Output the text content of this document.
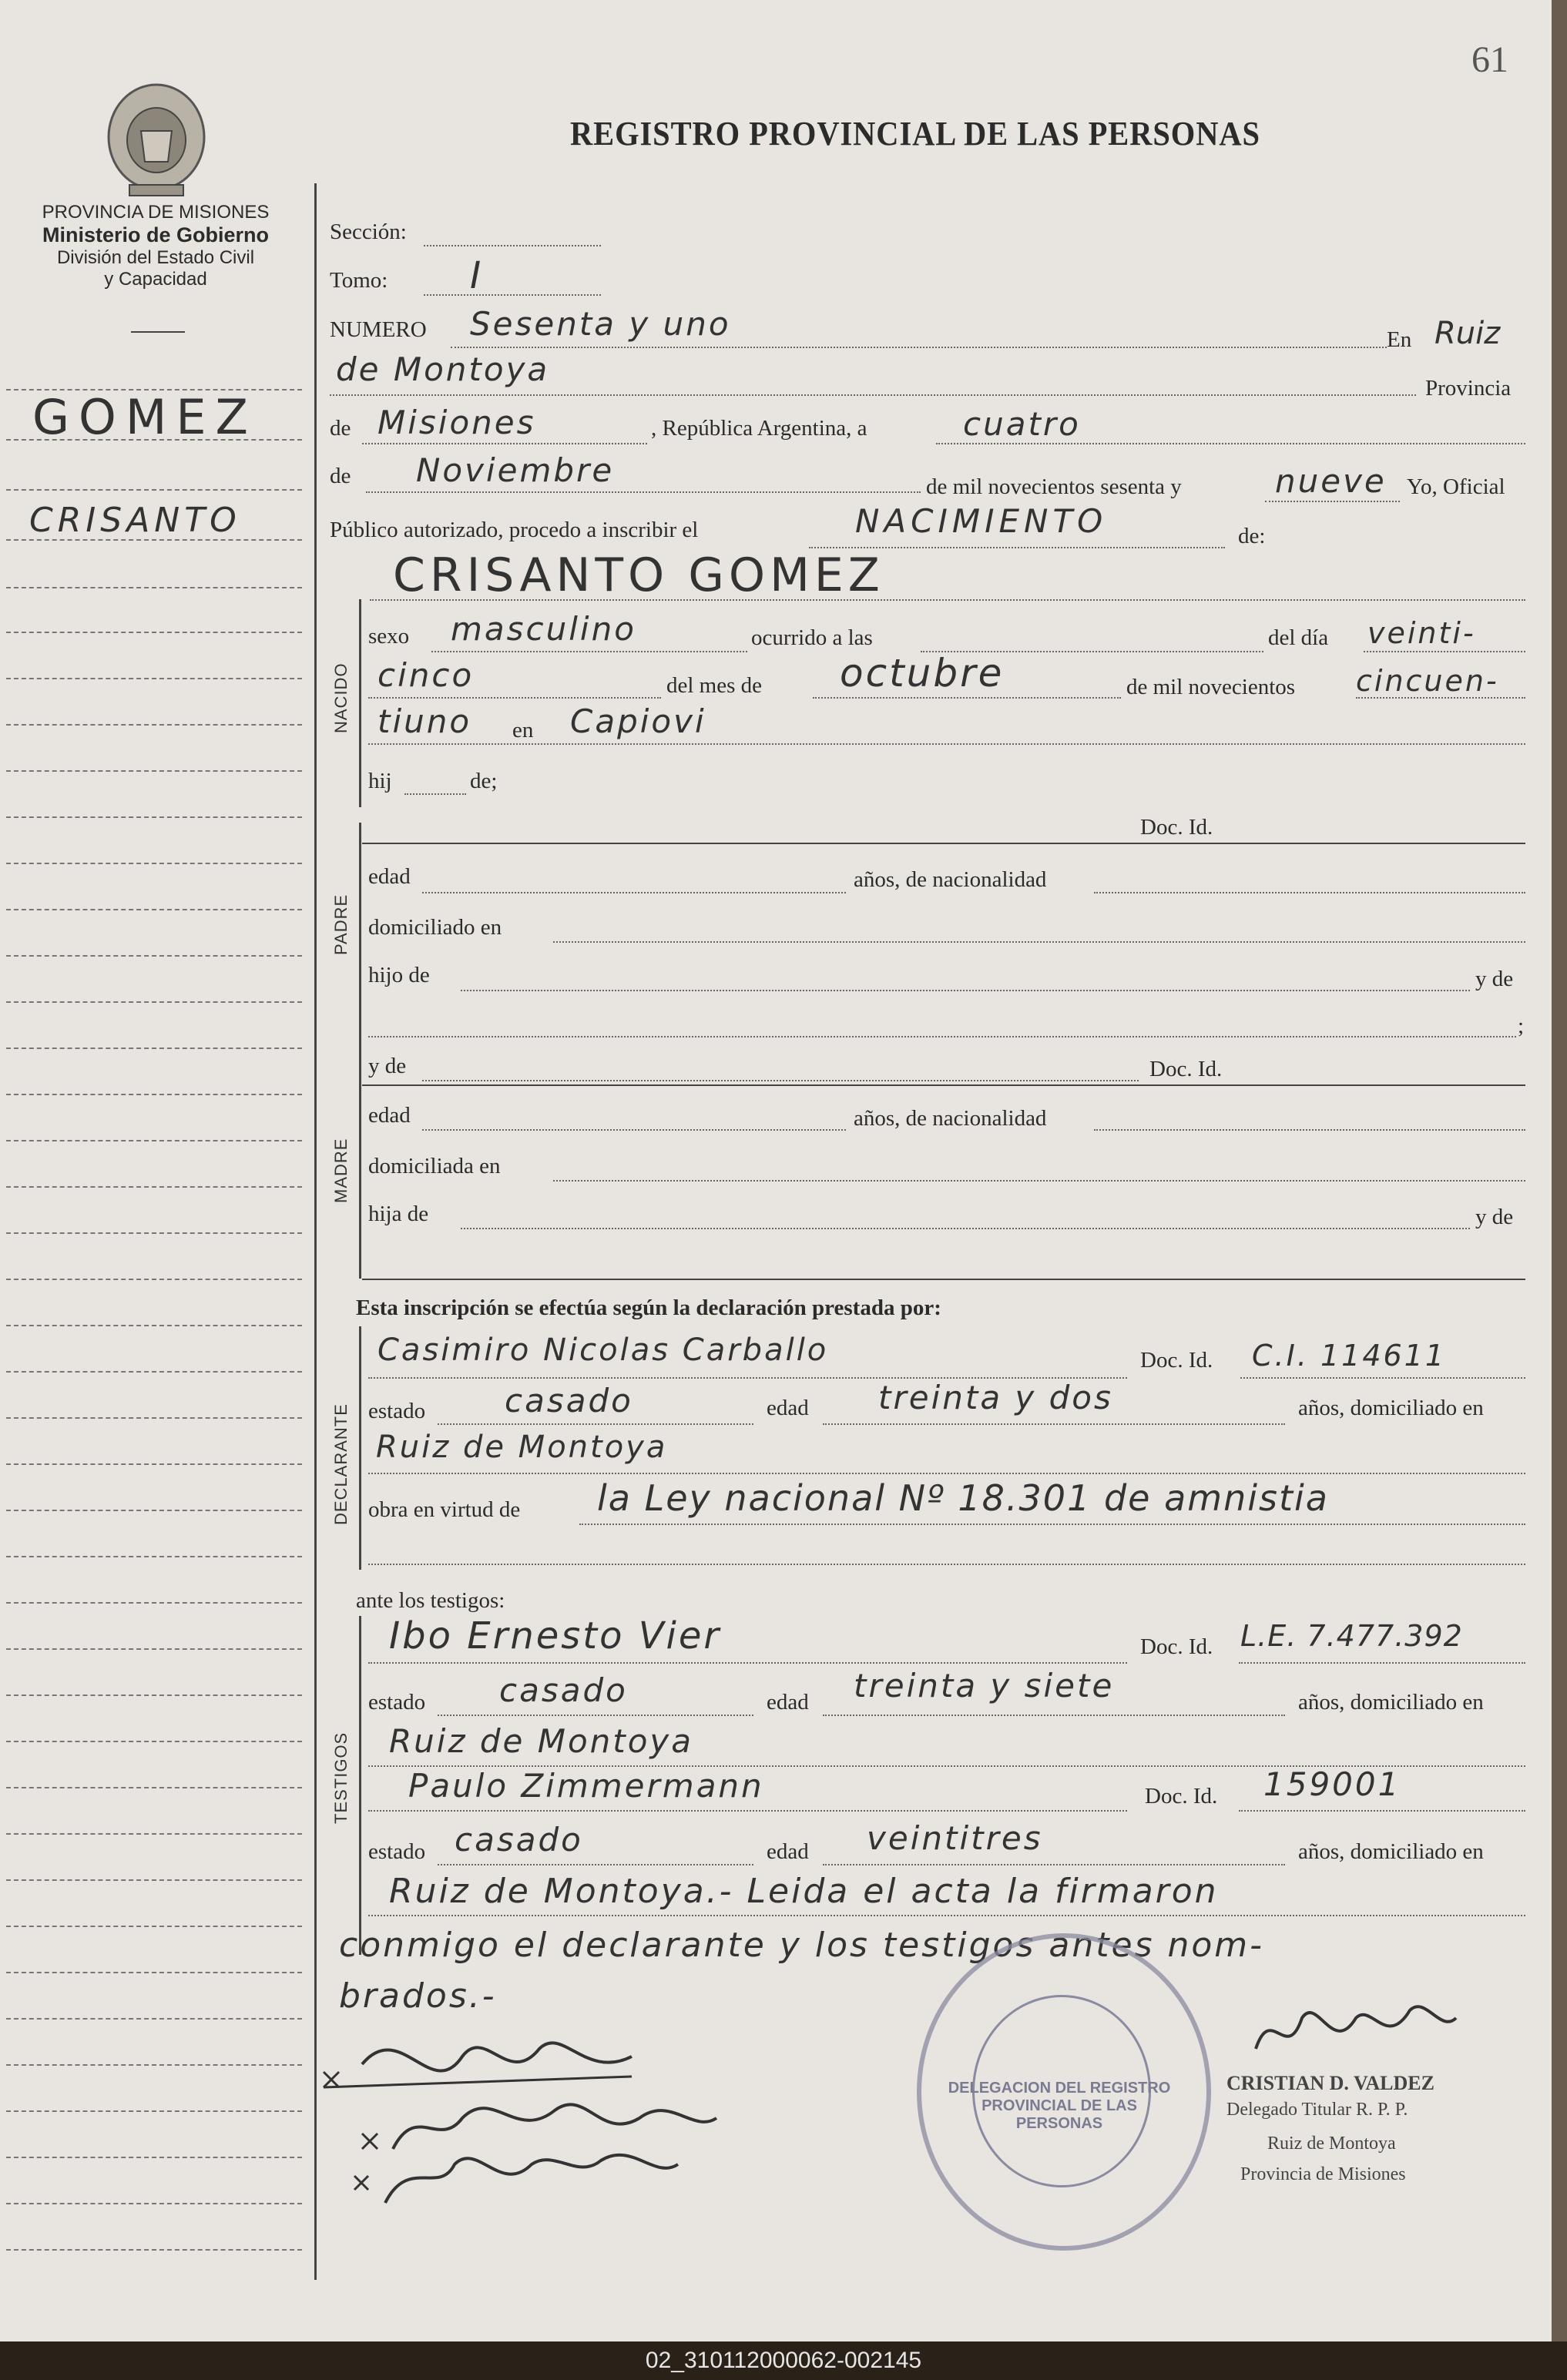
61
REGISTRO PROVINCIAL DE LAS PERSONAS
PROVINCIA DE MISIONES
Ministerio de Gobierno
División del Estado Civil
y Capacidad
GOMEZ
CRISANTO
Sección:
Tomo: I
NUMERO Sesenta y uno	En Ruiz
de Montoya	Provincia
de Misiones	, República Argentina, a	cuatro
de Noviembre	de mil novecientos sesenta y	nueve Yo, Oficial
Público autorizado, procedo a inscribir el	NACIMIENTO	de:
NACIDO
CRISANTO GOMEZ
sexo masculino	ocurrido a las	del día veinti-
cinco	del mes de octubre	de mil novecientos cincuen-
tiuno en Capiovi
hij	de;
PADRE
Doc. Id.
edad	años, de nacionalidad
domiciliado en
hijo de	y de
;
MADRE
y de	Doc. Id.
edad	años, de nacionalidad
domiciliada en
hija de	y de
Esta inscripción se efectúa según la declaración prestada por:
DECLARANTE
Casimiro Nicolas Carballo	Doc. Id. C.I. 114611
estado casado	edad treinta y dos	años, domiciliado en
Ruiz de Montoya
obra en virtud de la Ley nacional Nº 18.301 de amnistia
ante los testigos:
TESTIGOS
Ibo Ernesto Vier	Doc. Id. L.E. 7.477.392
estado casado	edad treinta y siete	años, domiciliado en
Ruiz de Montoya
Paulo Zimmermann	Doc. Id. 159001
estado casado	edad veintitres	años, domiciliado en
Ruiz de Montoya.- Leida el acta la firmaron
conmigo el declarante y los testigos antes nom-
brados.-
DELEGACION DEL REGISTRO PROVINCIAL DE LAS PERSONAS
CRISTIAN D. VALDEZ
Delegado Titular R. P. P.
Ruiz de Montoya
Provincia de Misiones
02_310112000062-002145
